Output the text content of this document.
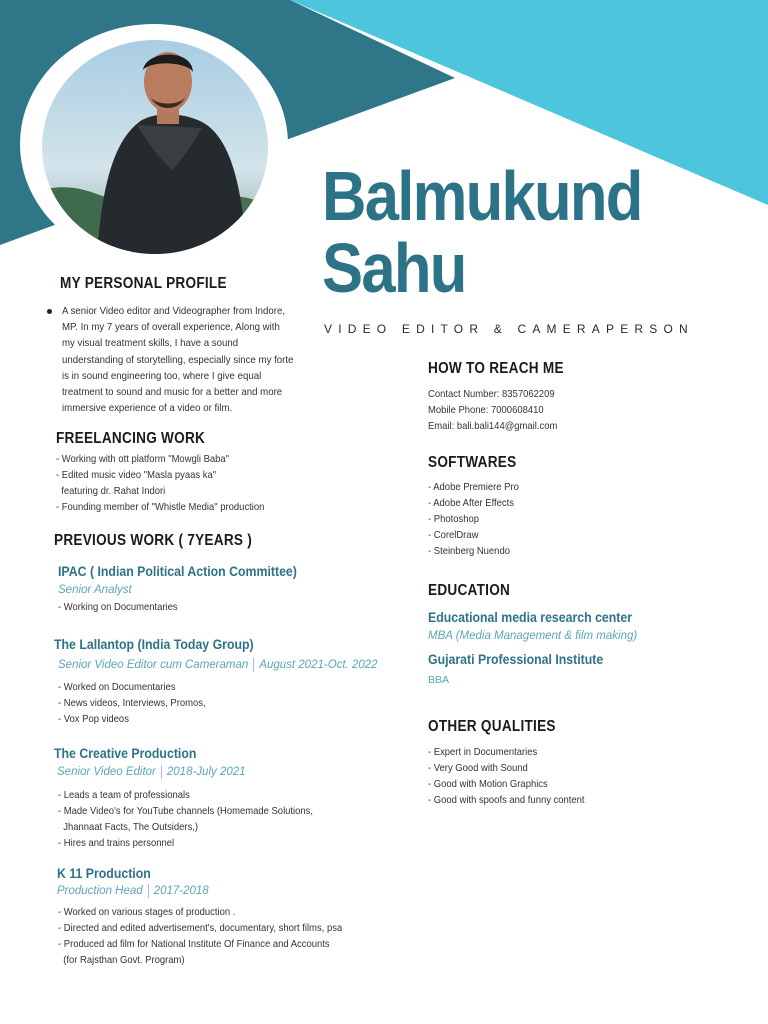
Balmukund
Sahu
VIDEO EDITOR & CAMERAPERSON
MY PERSONAL PROFILE
A senior Video editor and Videographer from Indore, MP. In my 7 years of overall experience, Along with my visual treatment skills, I have a sound understanding of storytelling, especially since my forte is in sound engineering too, where I give equal treatment to sound and music for a better and more immersive experience of a video or film.
FREELANCING WORK
- Working with ott platform "Mowgli Baba"
- Edited music video "Masla pyaas ka"
featuring dr. Rahat Indori
- Founding member of "Whistle Media" production
PREVIOUS WORK ( 7YEARS )
IPAC ( Indian Political Action Committee)
Senior Analyst
- Working on Documentaries
The Lallantop (India Today Group)
Senior Video Editor cum Cameraman August 2021-Oct. 2022
- Worked on Documentaries
- News videos, Interviews, Promos,
- Vox Pop videos
The Creative Production
Senior Video Editor 2018-July 2021
- Leads a team of professionals
- Made Video's for YouTube channels (Homemade Solutions,
Jhannaat Facts, The Outsiders,)
- Hires and trains personnel
K 11 Production
Production Head 2017-2018
- Worked on various stages of production .
- Directed and edited advertisement's, documentary, short films, psa
- Produced ad film for National Institute Of Finance and Accounts
(for Rajsthan Govt. Program)
HOW TO REACH ME
Contact Number: 8357062209
Mobile Phone: 7000608410
Email: bali.bali144@gmail.com
SOFTWARES
- Adobe Premiere Pro
- Adobe After Effects
- Photoshop
- CorelDraw
- Steinberg Nuendo
EDUCATION
Educational media research center
MBA (Media Management & film making)
Gujarati Professional Institute
BBA
OTHER QUALITIES
- Expert in Documentaries
- Very Good with Sound
- Good with Motion Graphics
- Good with spoofs and funny content
